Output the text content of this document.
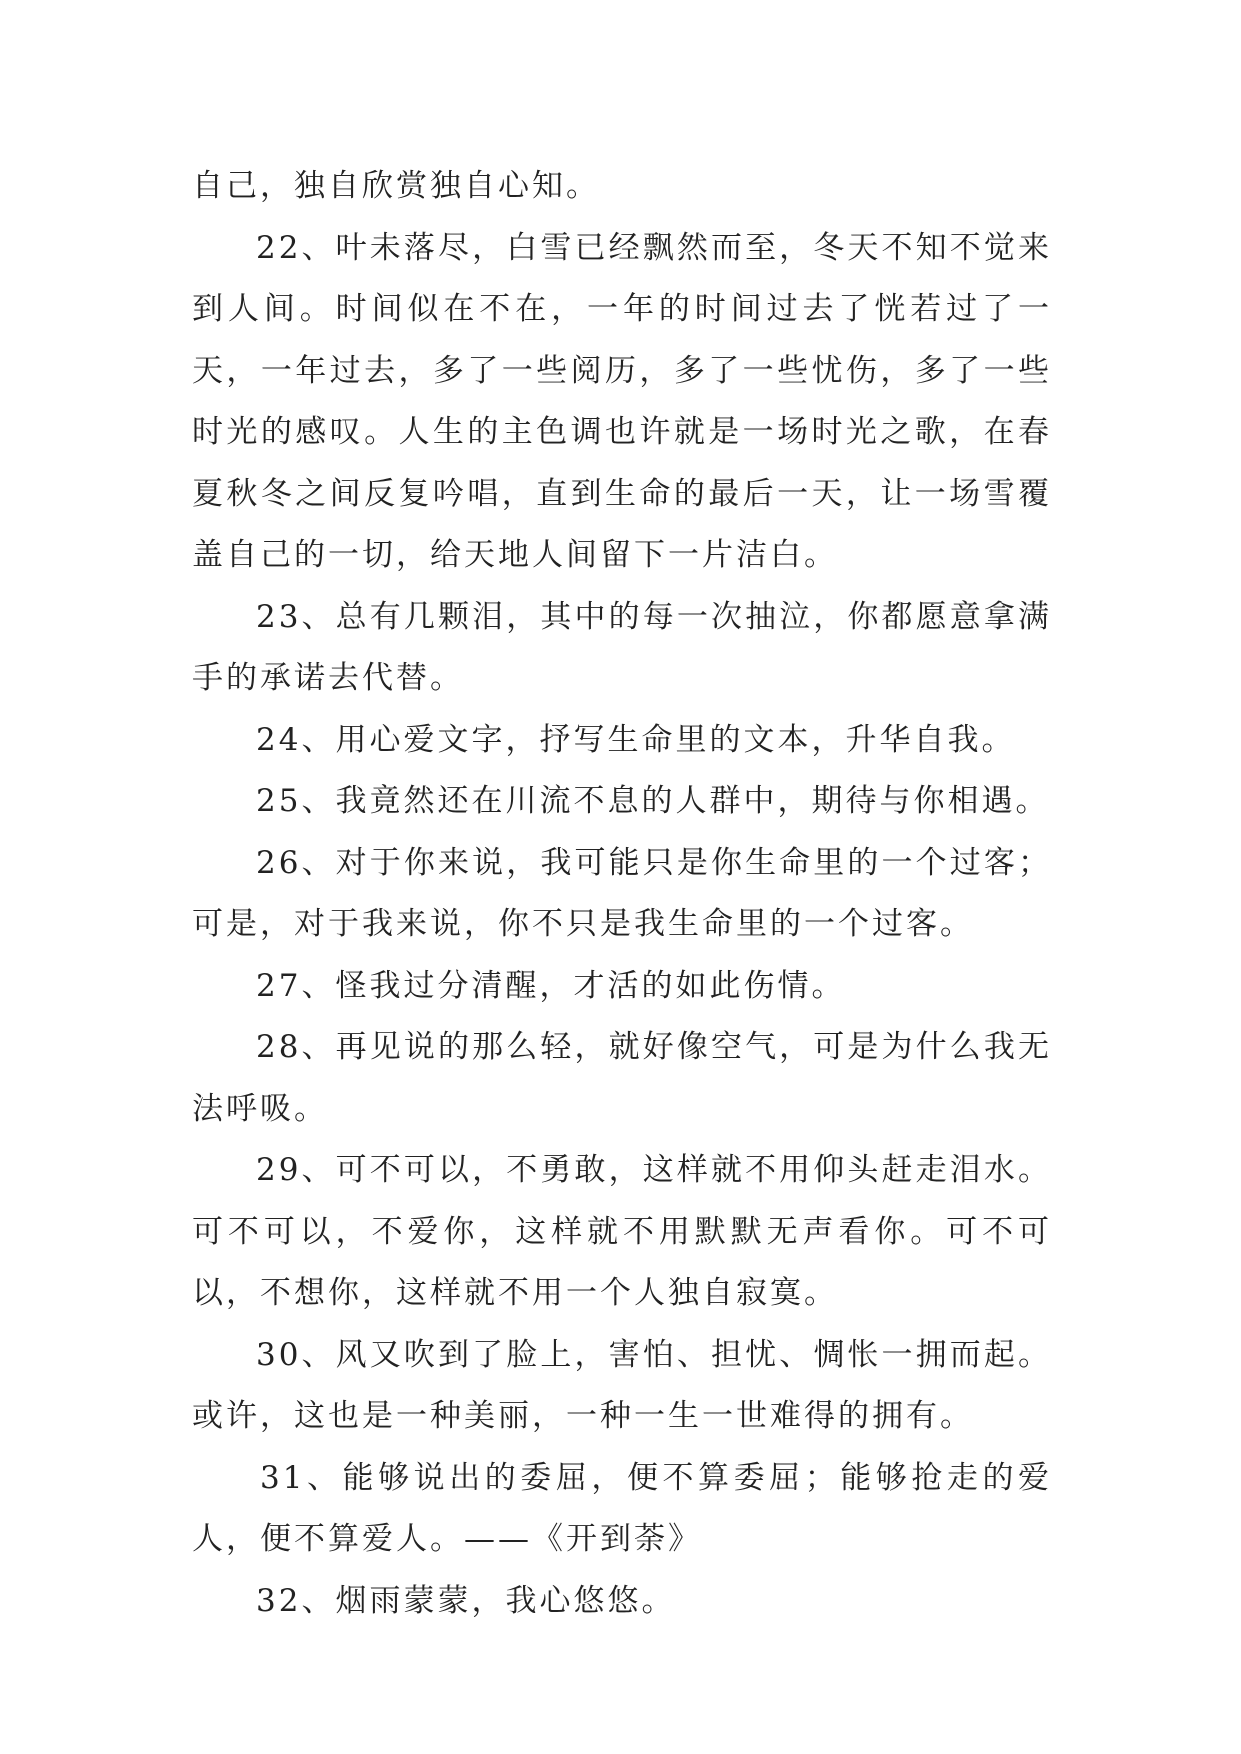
自己，独自欣赏独自心知。

22、叶未落尽，白雪已经飘然而至，冬天不知不觉来到人间。时间似在不在，一年的时间过去了恍若过了一天，一年过去，多了一些阅历，多了一些忧伤，多了一些时光的感叹。人生的主色调也许就是一场时光之歌，在春夏秋冬之间反复吟唱，直到生命的最后一天，让一场雪覆盖自己的一切，给天地人间留下一片洁白。

23、总有几颗泪，其中的每一次抽泣，你都愿意拿满手的承诺去代替。

24、用心爱文字，抒写生命里的文本，升华自我。

25、我竟然还在川流不息的人群中，期待与你相遇。

26、对于你来说，我可能只是你生命里的一个过客；可是，对于我来说，你不只是我生命里的一个过客。

27、怪我过分清醒，才活的如此伤情。

28、再见说的那么轻，就好像空气，可是为什么我无法呼吸。

29、可不可以，不勇敢，这样就不用仰头赶走泪水。可不可以，不爱你，这样就不用默默无声看你。可不可以，不想你，这样就不用一个人独自寂寞。

30、风又吹到了脸上，害怕、担忧、惆怅一拥而起。或许，这也是一种美丽，一种一生一世难得的拥有。

31、能够说出的委屈，便不算委屈；能够抢走的爱人，便不算爱人。——《开到荼》

32、烟雨蒙蒙，我心悠悠。
